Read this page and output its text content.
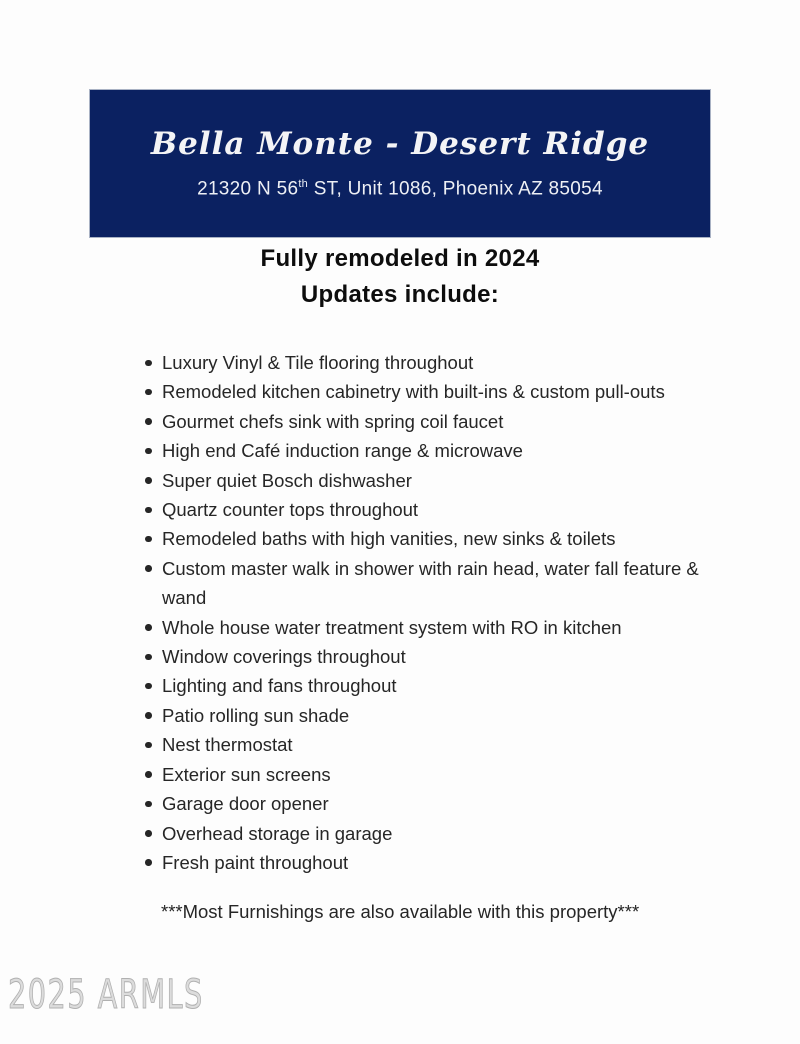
Bella Monte - Desert Ridge
21320 N 56th ST, Unit 1086, Phoenix AZ 85054
Fully remodeled in 2024
Updates include:
Luxury Vinyl & Tile flooring throughout
Remodeled kitchen cabinetry with built-ins & custom pull-outs
Gourmet chefs sink with spring coil faucet
High end Café induction range & microwave
Super quiet Bosch dishwasher
Quartz counter tops throughout
Remodeled baths with high vanities, new sinks & toilets
Custom master walk in shower with rain head, water fall feature & wand
Whole house water treatment system with RO in kitchen
Window coverings throughout
Lighting and fans throughout
Patio rolling sun shade
Nest thermostat
Exterior sun screens
Garage door opener
Overhead storage in garage
Fresh paint throughout
***Most Furnishings are also available with this property***
2025 ARMLS
